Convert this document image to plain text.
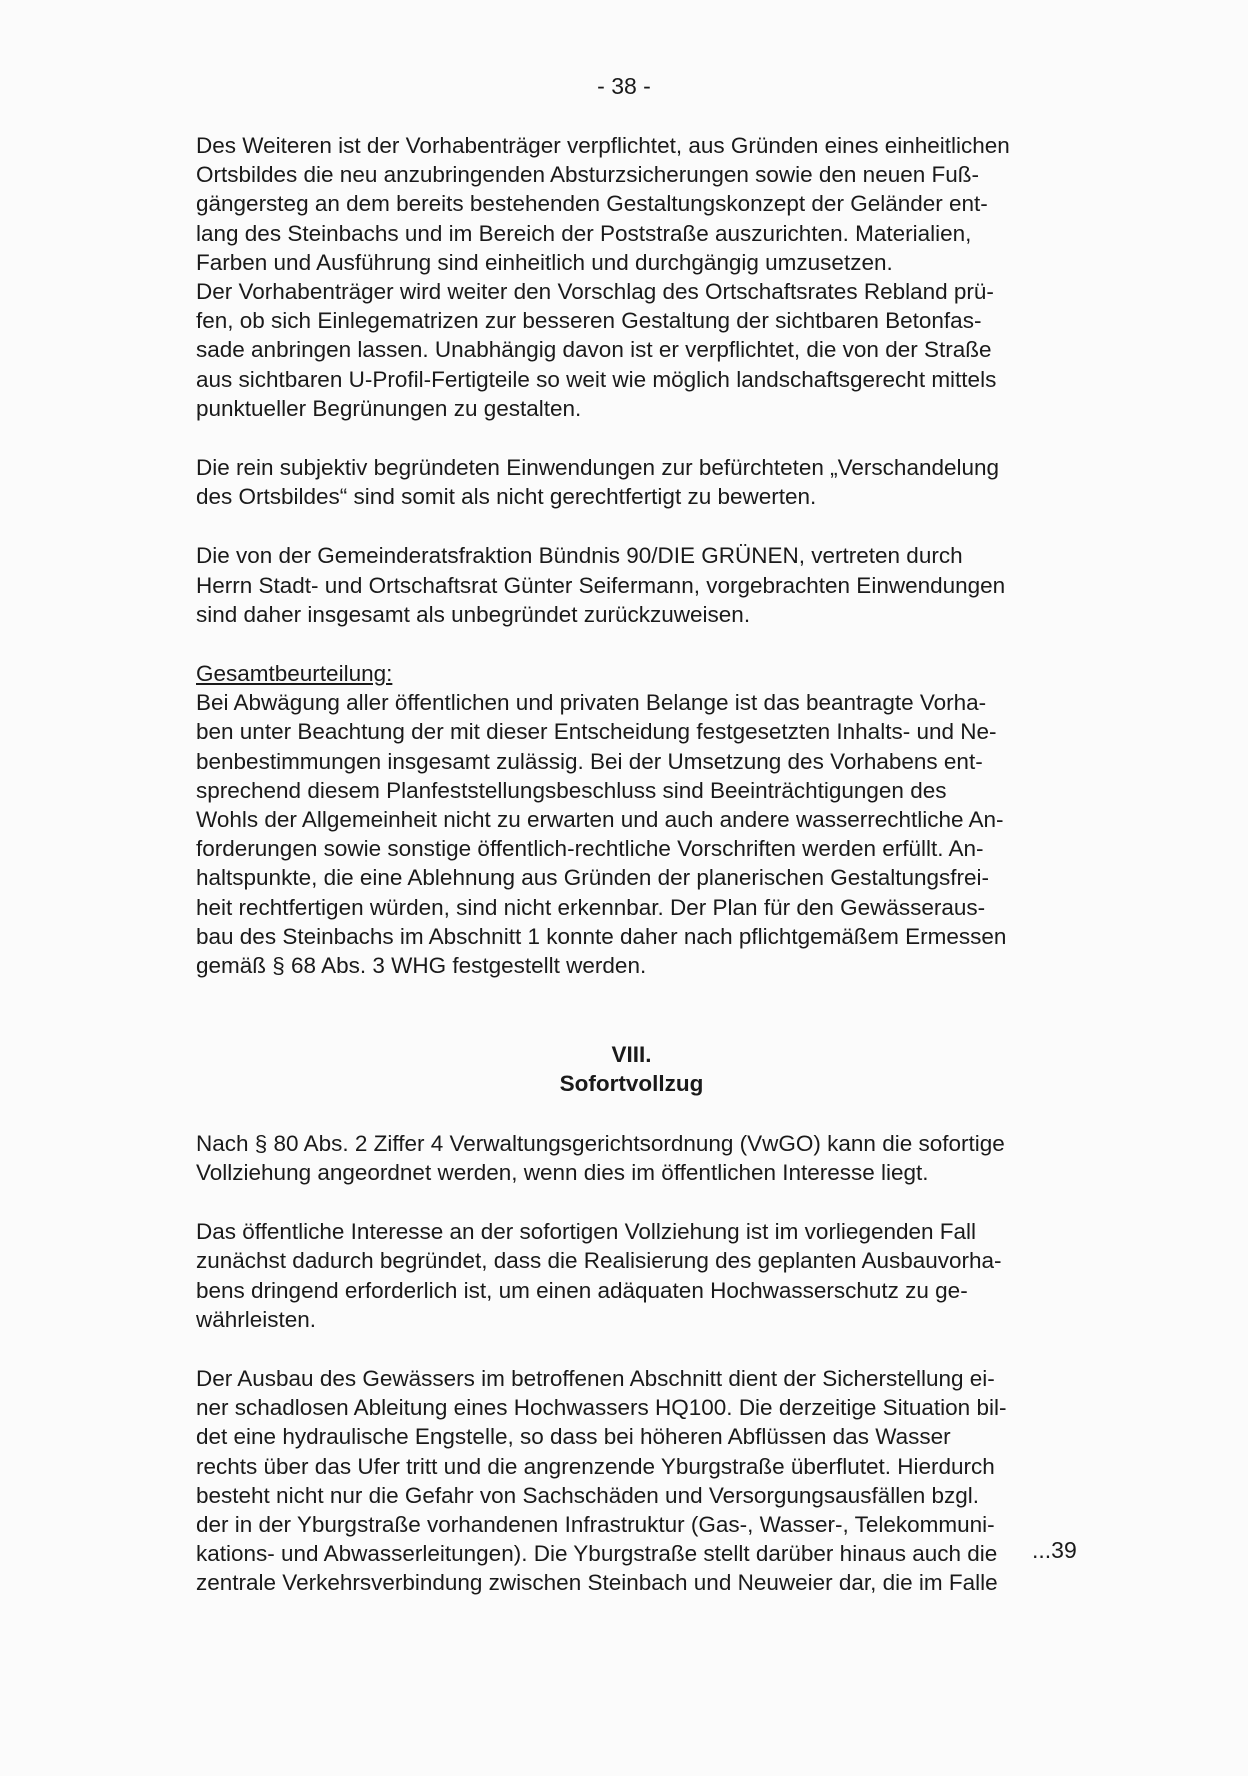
- 38 -
Des Weiteren ist der Vorhabenträger verpflichtet, aus Gründen eines einheitlichen
Ortsbildes die neu anzubringenden Absturzsicherungen sowie den neuen Fuß-
gängersteg an dem bereits bestehenden Gestaltungskonzept der Geländer ent-
lang des Steinbachs und im Bereich der Poststraße auszurichten. Materialien,
Farben und Ausführung sind einheitlich und durchgängig umzusetzen.
Der Vorhabenträger wird weiter den Vorschlag des Ortschaftsrates Rebland prü-
fen, ob sich Einlegematrizen zur besseren Gestaltung der sichtbaren Betonfas-
sade anbringen lassen. Unabhängig davon ist er verpflichtet, die von der Straße
aus sichtbaren U-Profil-Fertigteile so weit wie möglich landschaftsgerecht mittels
punktueller Begrünungen zu gestalten.
Die rein subjektiv begründeten Einwendungen zur befürchteten „Verschandelung
des Ortsbildes“ sind somit als nicht gerechtfertigt zu bewerten.
Die von der Gemeinderatsfraktion Bündnis 90/DIE GRÜNEN, vertreten durch
Herrn Stadt- und Ortschaftsrat Günter Seifermann, vorgebrachten Einwendungen
sind daher insgesamt als unbegründet zurückzuweisen.
Gesamtbeurteilung:
Bei Abwägung aller öffentlichen und privaten Belange ist das beantragte Vorha-
ben unter Beachtung der mit dieser Entscheidung festgesetzten Inhalts- und Ne-
benbestimmungen insgesamt zulässig. Bei der Umsetzung des Vorhabens ent-
sprechend diesem Planfeststellungsbeschluss sind Beeinträchtigungen des
Wohls der Allgemeinheit nicht zu erwarten und auch andere wasserrechtliche An-
forderungen sowie sonstige öffentlich-rechtliche Vorschriften werden erfüllt. An-
haltspunkte, die eine Ablehnung aus Gründen der planerischen Gestaltungsfrei-
heit rechtfertigen würden, sind nicht erkennbar. Der Plan für den Gewässeraus-
bau des Steinbachs im Abschnitt 1 konnte daher nach pflichtgemäßem Ermessen
gemäß § 68 Abs. 3 WHG festgestellt werden.
VIII.
Sofortvollzug
Nach § 80 Abs. 2 Ziffer 4 Verwaltungsgerichtsordnung (VwGO) kann die sofortige
Vollziehung angeordnet werden, wenn dies im öffentlichen Interesse liegt.
Das öffentliche Interesse an der sofortigen Vollziehung ist im vorliegenden Fall
zunächst dadurch begründet, dass die Realisierung des geplanten Ausbauvorha-
bens dringend erforderlich ist, um einen adäquaten Hochwasserschutz zu ge-
währleisten.
Der Ausbau des Gewässers im betroffenen Abschnitt dient der Sicherstellung ei-
ner schadlosen Ableitung eines Hochwassers HQ100. Die derzeitige Situation bil-
det eine hydraulische Engstelle, so dass bei höheren Abflüssen das Wasser
rechts über das Ufer tritt und die angrenzende Yburgstraße überflutet. Hierdurch
besteht nicht nur die Gefahr von Sachschäden und Versorgungsausfällen bzgl.
der in der Yburgstraße vorhandenen Infrastruktur (Gas-, Wasser-, Telekommuni-
kations- und Abwasserleitungen). Die Yburgstraße stellt darüber hinaus auch die
zentrale Verkehrsverbindung zwischen Steinbach und Neuweier dar, die im Falle
...39
